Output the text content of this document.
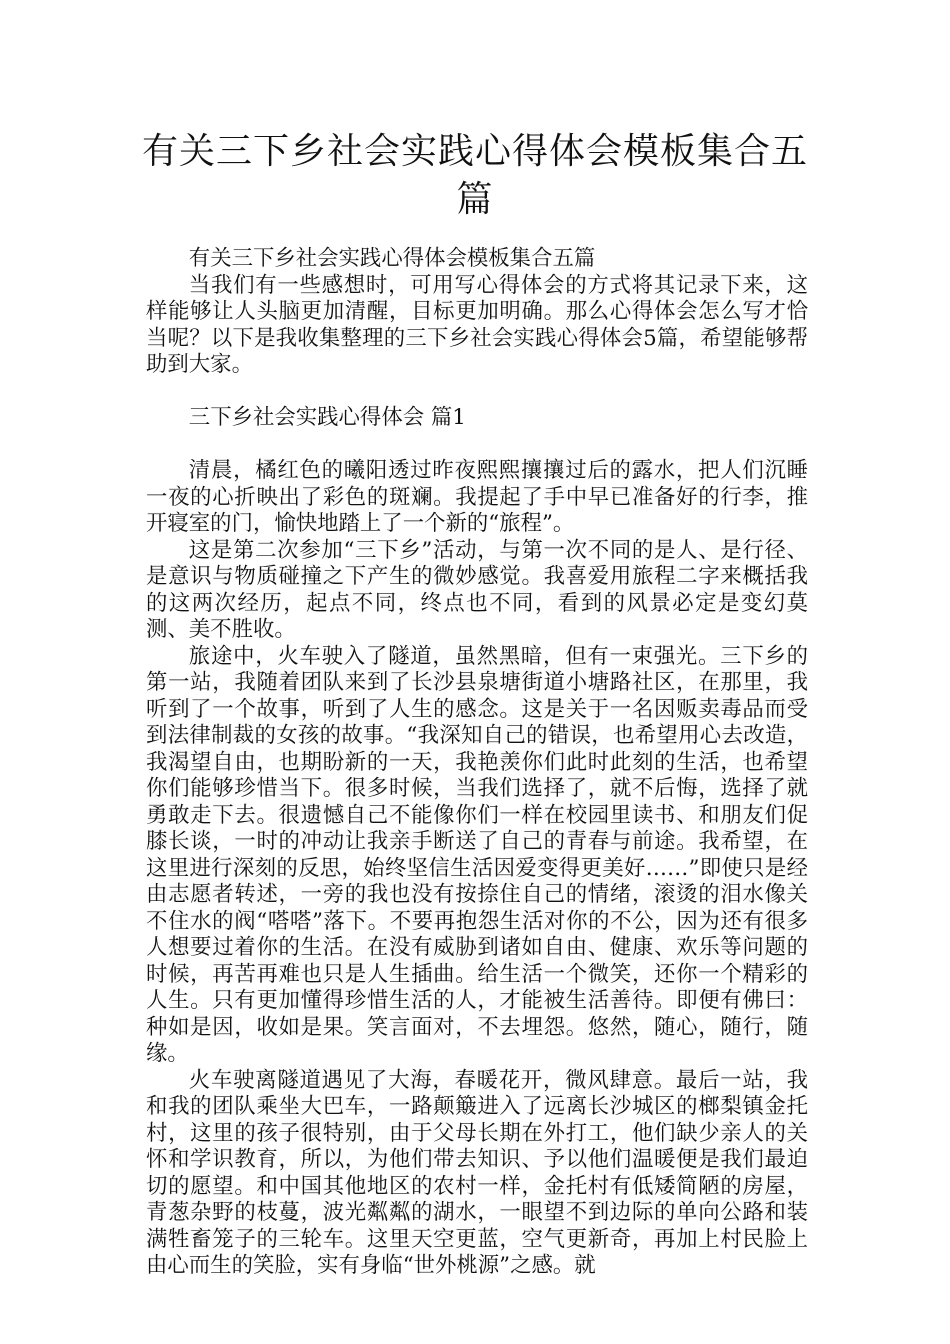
有关三下乡社会实践心得体会模板集合五篇

有关三下乡社会实践心得体会模板集合五篇

当我们有一些感想时，可用写心得体会的方式将其记录下来，这样能够让人头脑更加清醒，目标更加明确。那么心得体会怎么写才恰当呢？以下是我收集整理的三下乡社会实践心得体会5篇，希望能够帮助到大家。

三下乡社会实践心得体会 篇1

清晨，橘红色的曦阳透过昨夜熙熙攘攘过后的露水，把人们沉睡一夜的心折映出了彩色的斑斓。我提起了手中早已准备好的行李，推开寝室的门，愉快地踏上了一个新的“旅程”。

这是第二次参加“三下乡”活动，与第一次不同的是人、是行径、是意识与物质碰撞之下产生的微妙感觉。我喜爱用旅程二字来概括我的这两次经历，起点不同，终点也不同，看到的风景必定是变幻莫测、美不胜收。

旅途中，火车驶入了隧道，虽然黑暗，但有一束强光。三下乡的第一站，我随着团队来到了长沙县泉塘街道小塘路社区，在那里，我听到了一个故事，听到了人生的感念。这是关于一名因贩卖毒品而受到法律制裁的女孩的故事。“我深知自己的错误，也希望用心去改造，我渴望自由，也期盼新的一天，我艳羡你们此时此刻的生活，也希望你们能够珍惜当下。很多时候，当我们选择了，就不后悔，选择了就勇敢走下去。很遗憾自己不能像你们一样在校园里读书、和朋友们促膝长谈，一时的冲动让我亲手断送了自己的青春与前途。我希望，在这里进行深刻的反思，始终坚信生活因爱变得更美好……”即使只是经由志愿者转述，一旁的我也没有按捺住自己的情绪，滚烫的泪水像关不住水的阀“嗒嗒”落下。不要再抱怨生活对你的不公，因为还有很多人想要过着你的生活。在没有威胁到诸如自由、健康、欢乐等问题的时候，再苦再难也只是人生插曲。给生活一个微笑，还你一个精彩的人生。只有更加懂得珍惜生活的人，才能被生活善待。即便有佛曰：种如是因，收如是果。笑言面对，不去埋怨。悠然，随心，随行，随缘。

火车驶离隧道遇见了大海，春暖花开，微风肆意。最后一站，我和我的团队乘坐大巴车，一路颠簸进入了远离长沙城区的榔梨镇金托村，这里的孩子很特别，由于父母长期在外打工，他们缺少亲人的关怀和学识教育，所以，为他们带去知识、予以他们温暖便是我们最迫切的愿望。和中国其他地区的农村一样，金托村有低矮简陋的房屋，青葱杂野的枝蔓，波光粼粼的湖水，一眼望不到边际的单向公路和装满牲畜笼子的三轮车。这里天空更蓝，空气更新奇，再加上村民脸上由心而生的笑脸，实有身临“世外桃源”之感。就
